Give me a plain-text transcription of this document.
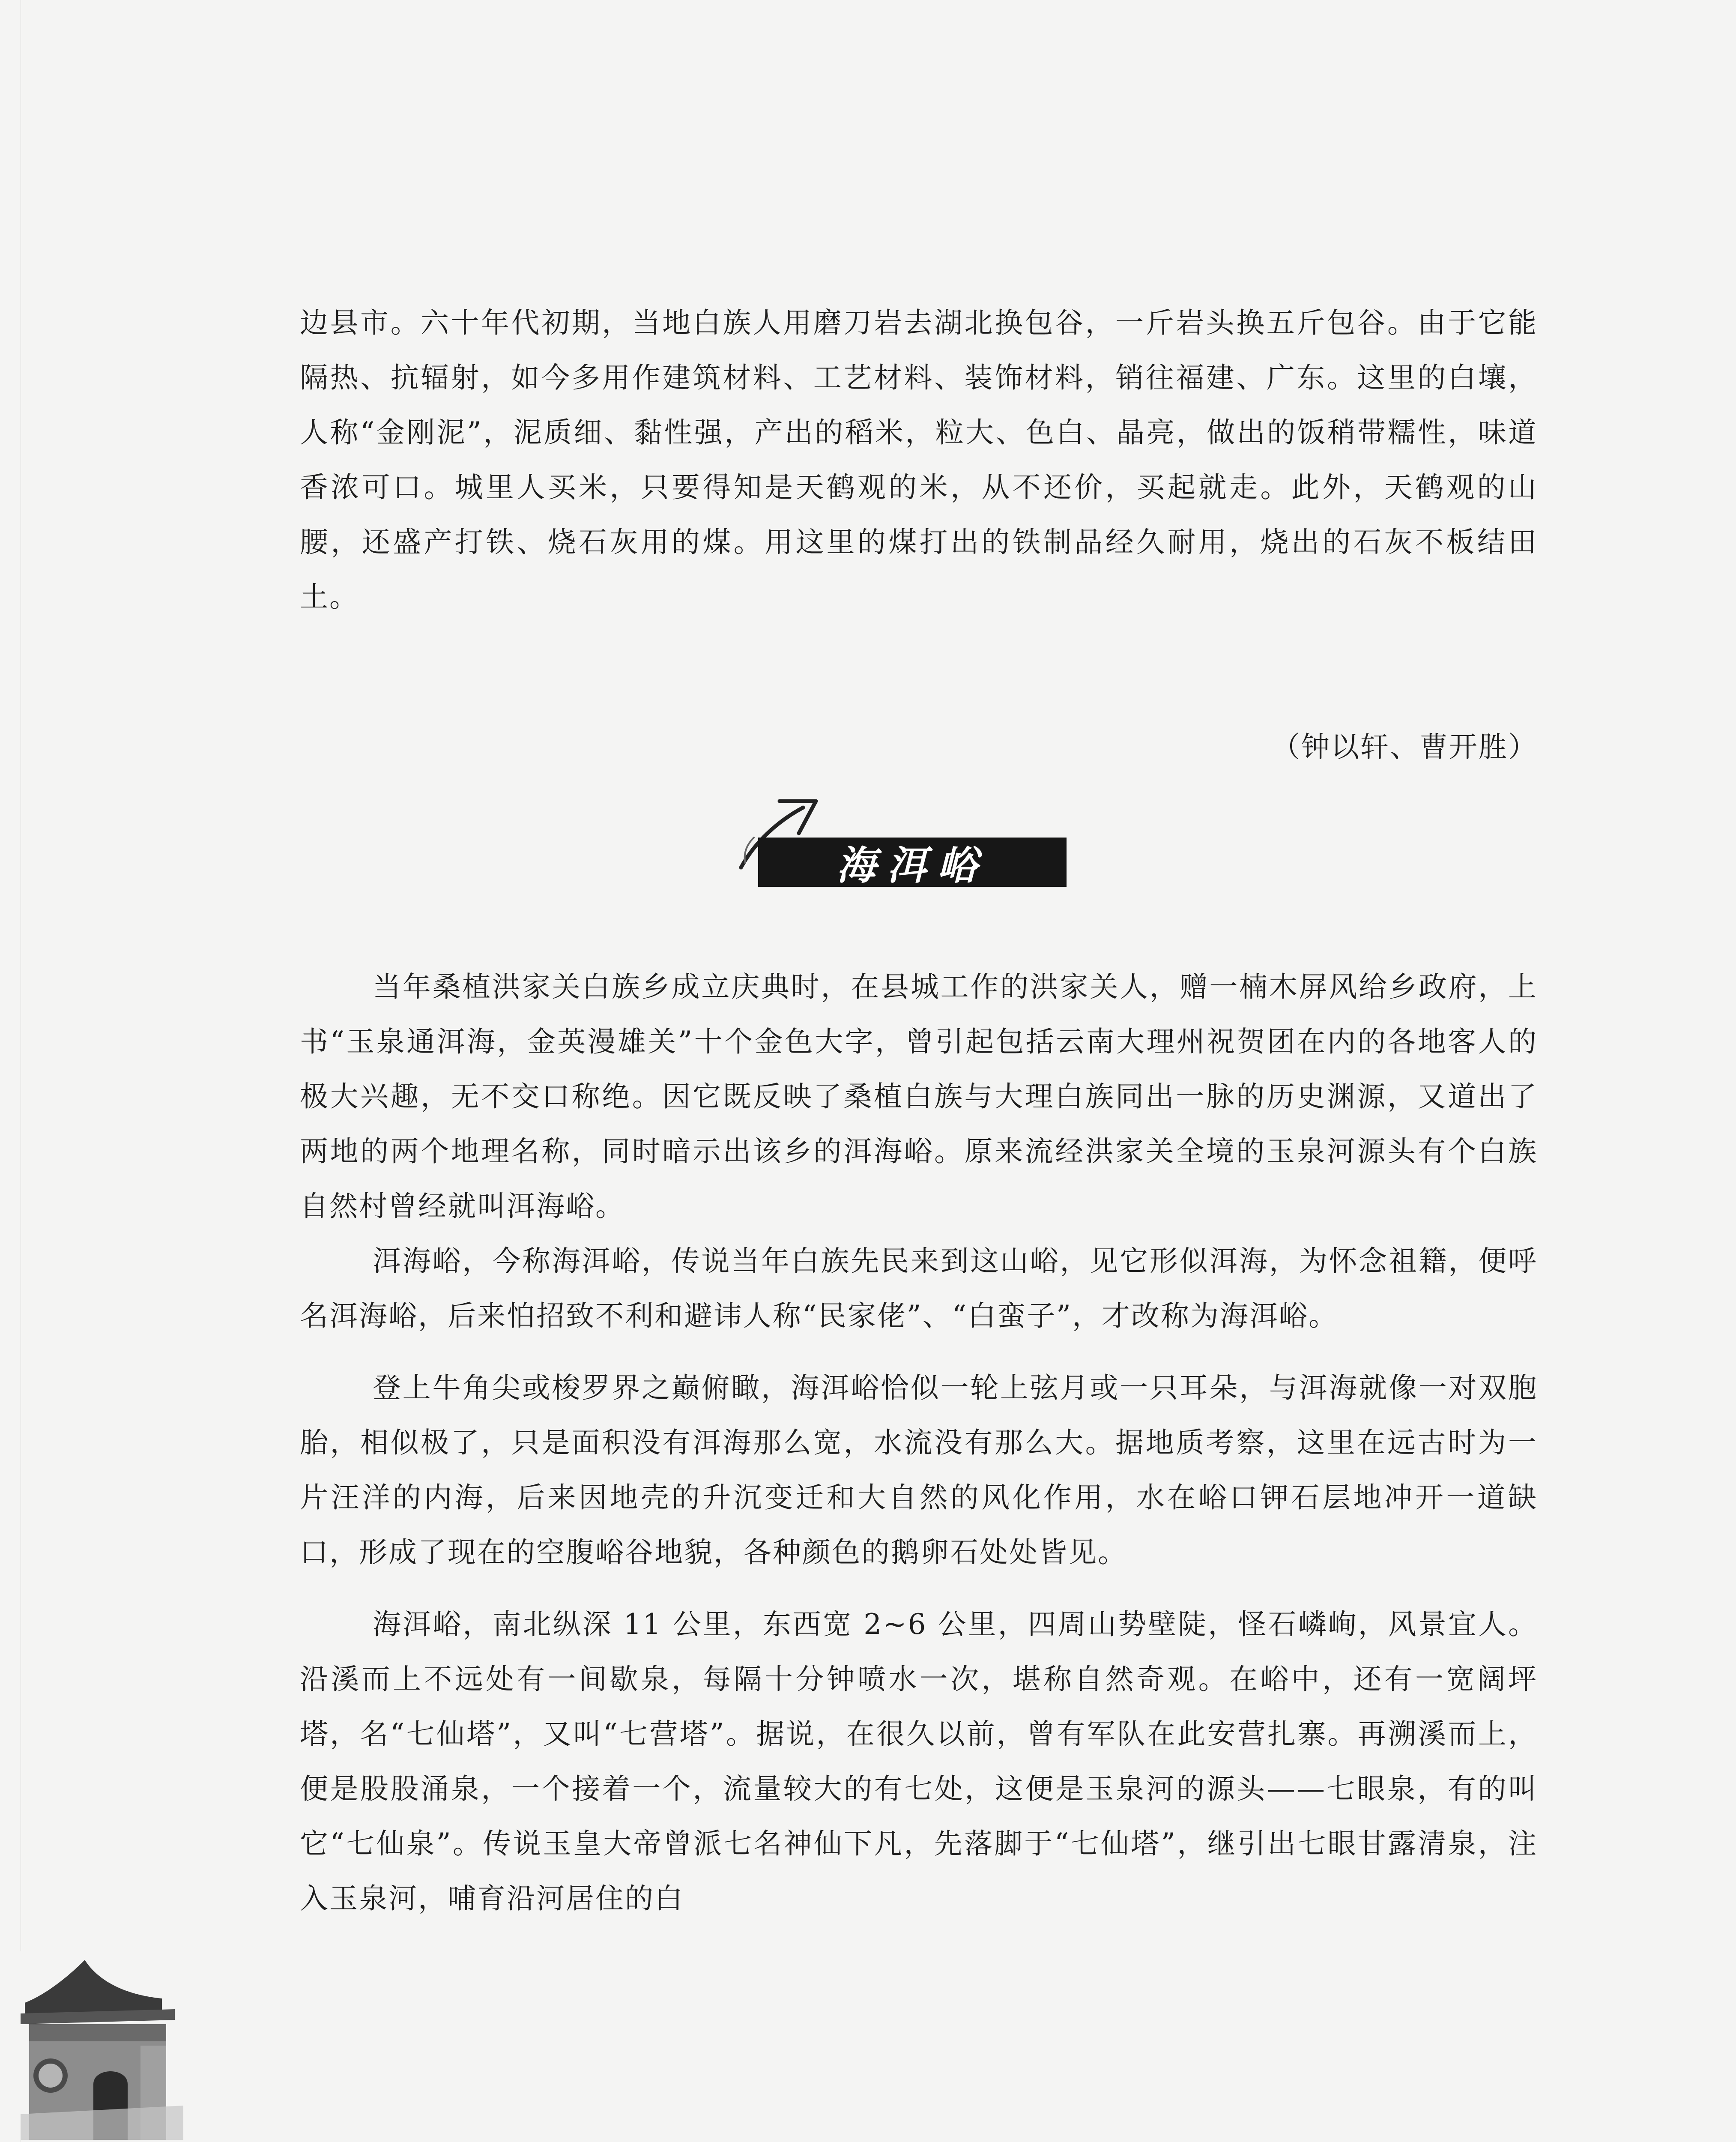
边县市。六十年代初期，当地白族人用磨刀岩去湖北换包谷，一斤岩头换五斤包谷。由于它能隔热、抗辐射，如今多用作建筑材料、工艺材料、装饰材料，销往福建、广东。这里的白壤，人称“金刚泥”，泥质细、黏性强，产出的稻米，粒大、色白、晶亮，做出的饭稍带糯性，味道香浓可口。城里人买米，只要得知是天鹤观的米，从不还价，买起就走。此外，天鹤观的山腰，还盛产打铁、烧石灰用的煤。用这里的煤打出的铁制品经久耐用，烧出的石灰不板结田土。

（钟以轩、曹开胜）
海洱峪

当年桑植洪家关白族乡成立庆典时，在县城工作的洪家关人，赠一楠木屏风给乡政府，上书“玉泉通洱海，金英漫雄关”十个金色大字，曾引起包括云南大理州祝贺团在内的各地客人的极大兴趣，无不交口称绝。因它既反映了桑植白族与大理白族同出一脉的历史渊源，又道出了两地的两个地理名称，同时暗示出该乡的洱海峪。原来流经洪家关全境的玉泉河源头有个白族自然村曾经就叫洱海峪。

洱海峪，今称海洱峪，传说当年白族先民来到这山峪，见它形似洱海，为怀念祖籍，便呼名洱海峪，后来怕招致不利和避讳人称“民家佬”、“白蛮子”，才改称为海洱峪。

登上牛角尖或梭罗界之巅俯瞰，海洱峪恰似一轮上弦月或一只耳朵，与洱海就像一对双胞胎，相似极了，只是面积没有洱海那么宽，水流没有那么大。据地质考察，这里在远古时为一片汪洋的内海，后来因地壳的升沉变迁和大自然的风化作用，水在峪口钾石层地冲开一道缺口，形成了现在的空腹峪谷地貌，各种颜色的鹅卵石处处皆见。

海洱峪，南北纵深 11 公里，东西宽 2~6 公里，四周山势壁陡，怪石嶙峋，风景宜人。沿溪而上不远处有一间歇泉，每隔十分钟喷水一次，堪称自然奇观。在峪中，还有一宽阔坪塔，名“七仙塔”，又叫“七营塔”。据说，在很久以前，曾有军队在此安营扎寨。再溯溪而上，便是股股涌泉，一个接着一个，流量较大的有七处，这便是玉泉河的源头——七眼泉，有的叫它“七仙泉”。传说玉皇大帝曾派七名神仙下凡，先落脚于“七仙塔”，继引出七眼甘露清泉，注入玉泉河，哺育沿河居住的白
